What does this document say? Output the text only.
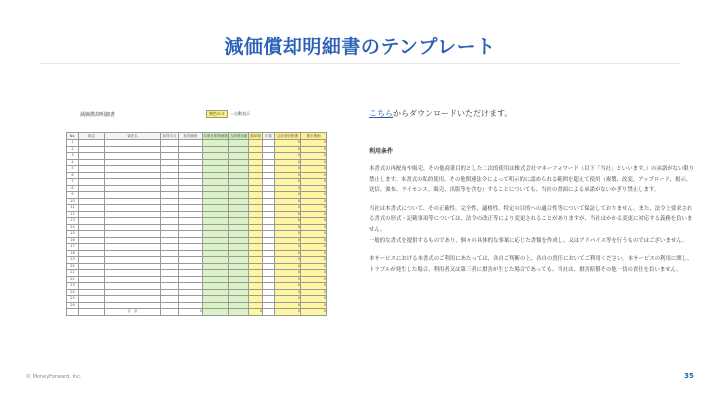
減価償却明細書のテンプレート
減価償却明細書	黄色セル	＝自動表示
No.	勘定	資産名	取得年月	取得価格	本期首帳簿価額	当期増加額	償却額	年数	会計期首帳簿	期末簿価
1									0	0
2									0	0
3									0	0
4									0	0
5									0	0
6									0	0
7									0	0
8									0	0
9									0	0
10									0	0
11									0	0
12									0	0
13									0	0
14									0	0
15									0	0
16									0	0
17									0	0
18									0	0
19									0	0
20									0	0
21									0	0
22									0	0
23									0	0
24									0	0
25									0	0
26									0	0
		合　計		0			0		0	0
こちらからダウンロードいただけます。
利用条件
本書式の再配布や販売、その他商業目的とした二次的使用は株式会社マネーフォワード（以下「当社」といいます。）の承諾がない限り禁止します。本書式の私的使用、その他関連法令によって明示的に認められる範囲を超えて使用（複製、改変、アップロード、掲示、送信、頒布、ライセンス、販売、出版等を含む）することについても、当社の書面による承諾がないかぎり禁止します。
当社は本書式について、その正確性、完全性、適格性、特定の目的への適合性等について保証しておりません。また、法令上要求される書式の形式・記載事項等については、法令の改正等により変更されることがありますが、当社はかかる変更に対応する義務を負いません。
一般的な書式を提供するものであり、個々の具体的な事案に応じた書類を作成し、又はアドバイス等を行うものではございません。
本サービスにおける本書式のご利用にあたっては、各自ご判断の上、各自の責任においてご利用ください。本サービスの利用に関し、トラブルが発生した場合、利用者又は第三者に損害が生じた場合であっても、当社は、損害賠償その他一切の責任を負いません。
© MoneyForward, Inc.	35
